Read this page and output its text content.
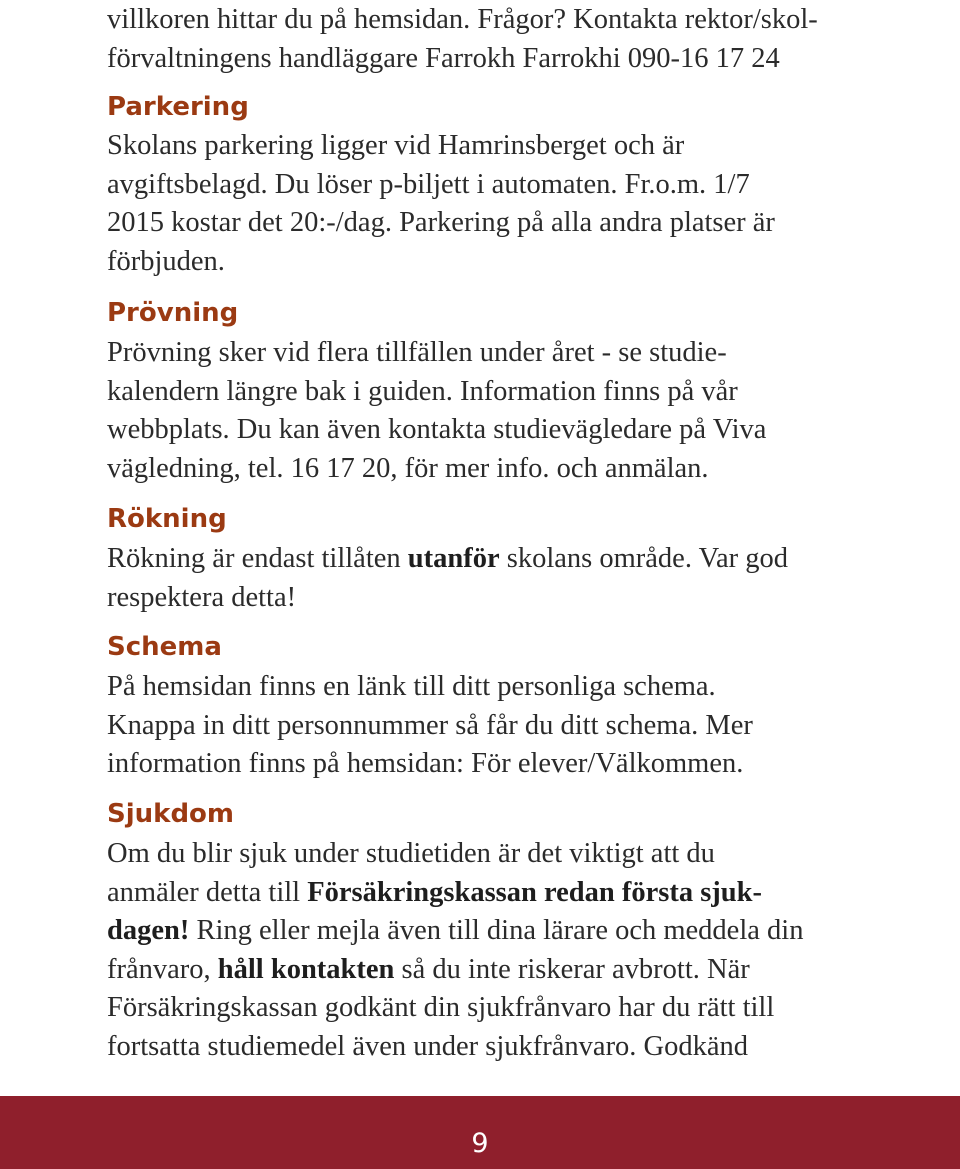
villkoren hittar du på hemsidan. Frågor? Kontakta rektor/skol-
förvaltningens handläggare Farrokh Farrokhi 090-16 17 24

Parkering

Skolans parkering ligger vid Hamrinsberget och är
avgiftsbelagd. Du löser p-biljett i automaten. Fr.o.m. 1/7
2015 kostar det 20:-/dag. Parkering på alla andra platser är
förbjuden.

Prövning

Prövning sker vid flera tillfällen under året - se studie-
kalendern längre bak i guiden. Information finns på vår
webbplats. Du kan även kontakta studievägledare på Viva
vägledning, tel. 16 17 20, för mer info. och anmälan.

Rökning

Rökning är endast tillåten utanför skolans område. Var god
respektera detta!

Schema

På hemsidan finns en länk till ditt personliga schema.
Knappa in ditt personnummer så får du ditt schema. Mer
information finns på hemsidan: För elever/Välkommen.

Sjukdom

Om du blir sjuk under studietiden är det viktigt att du
anmäler detta till Försäkringskassan redan första sjuk-
dagen! Ring eller mejla även till dina lärare och meddela din
frånvaro, håll kontakten så du inte riskerar avbrott. När
Försäkringskassan godkänt din sjukfrånvaro har du rätt till
fortsatta studiemedel även under sjukfrånvaro. Godkänd

9
